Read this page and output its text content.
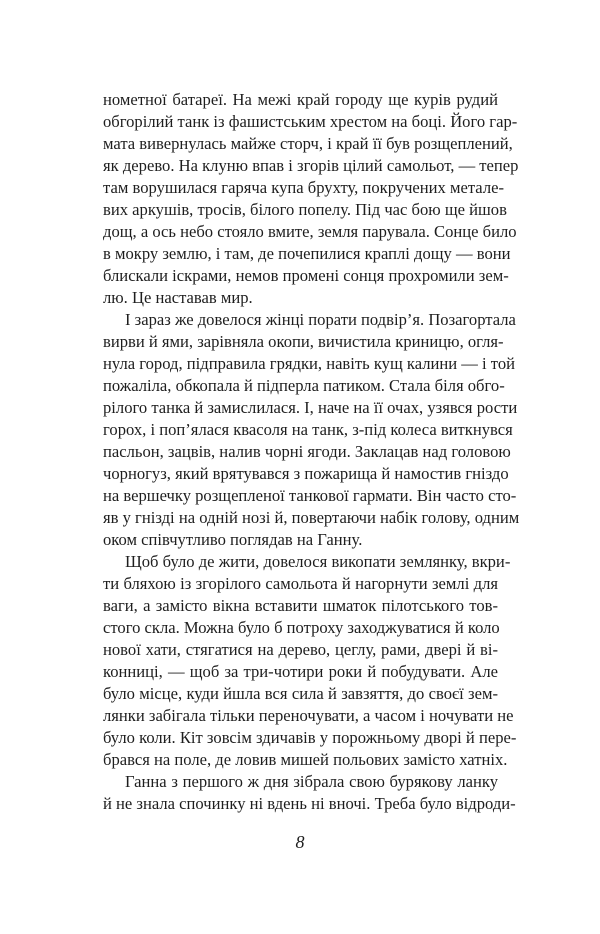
нометної батареї. На межі край городу ще курів рудий
обгорілий танк із фашистським хрестом на боці. Його гар-
мата вивернулась майже сторч, і край її був розщеплений,
як дерево. На клуню впав і згорів цілий самольот, — тепер
там ворушилася гаряча купа брухту, покручених метале-
вих аркушів, тросів, білого попелу. Під час бою ще йшов
дощ, а ось небо стояло вмите, земля парувала. Сонце било
в мокру землю, і там, де почепилися краплі дощу — вони
блискали іскрами, немов промені сонця прохромили зем-
лю. Це наставав мир.
І зараз же довелося жінці порати подвір’я. Позагортала
вирви й ями, зарівняла окопи, вичистила криницю, огля-
нула город, підправила грядки, навіть кущ калини — і той
пожаліла, обкопала й підперла патиком. Стала біля обго-
рілого танка й замислилася. І, наче на її очах, узявся рости
горох, і поп’ялася квасоля на танк, з-під колеса виткнувся
пасльон, зацвів, налив чорні ягоди. Заклацав над головою
чорногуз, який врятувався з пожарища й намостив гніздо
на вершечку розщепленої танкової гармати. Він часто сто-
яв у гнізді на одній нозі й, повертаючи набік голову, одним
оком співчутливо поглядав на Ганну.
Щоб було де жити, довелося викопати землянку, вкри-
ти бляхою із згорілого самольота й нагорнути землі для
ваги, а замісто вікна вставити шматок пілотського тов-
стого скла. Можна було б потроху заходжуватися й коло
нової хати, стягатися на дерево, цеглу, рами, двері й ві-
конниці, — щоб за три-чотири роки й побудувати. Але
було місце, куди йшла вся сила й завзяття, до своєї зем-
лянки забігала тільки переночувати, а часом і ночувати не
було коли. Кіт зовсім здичавів у порожньому дворі й пере-
брався на поле, де ловив мишей польових замісто хатніх.
Ганна з першого ж дня зібрала свою бурякову ланку
й не знала спочинку ні вдень ні вночі. Треба було відроди-
8
